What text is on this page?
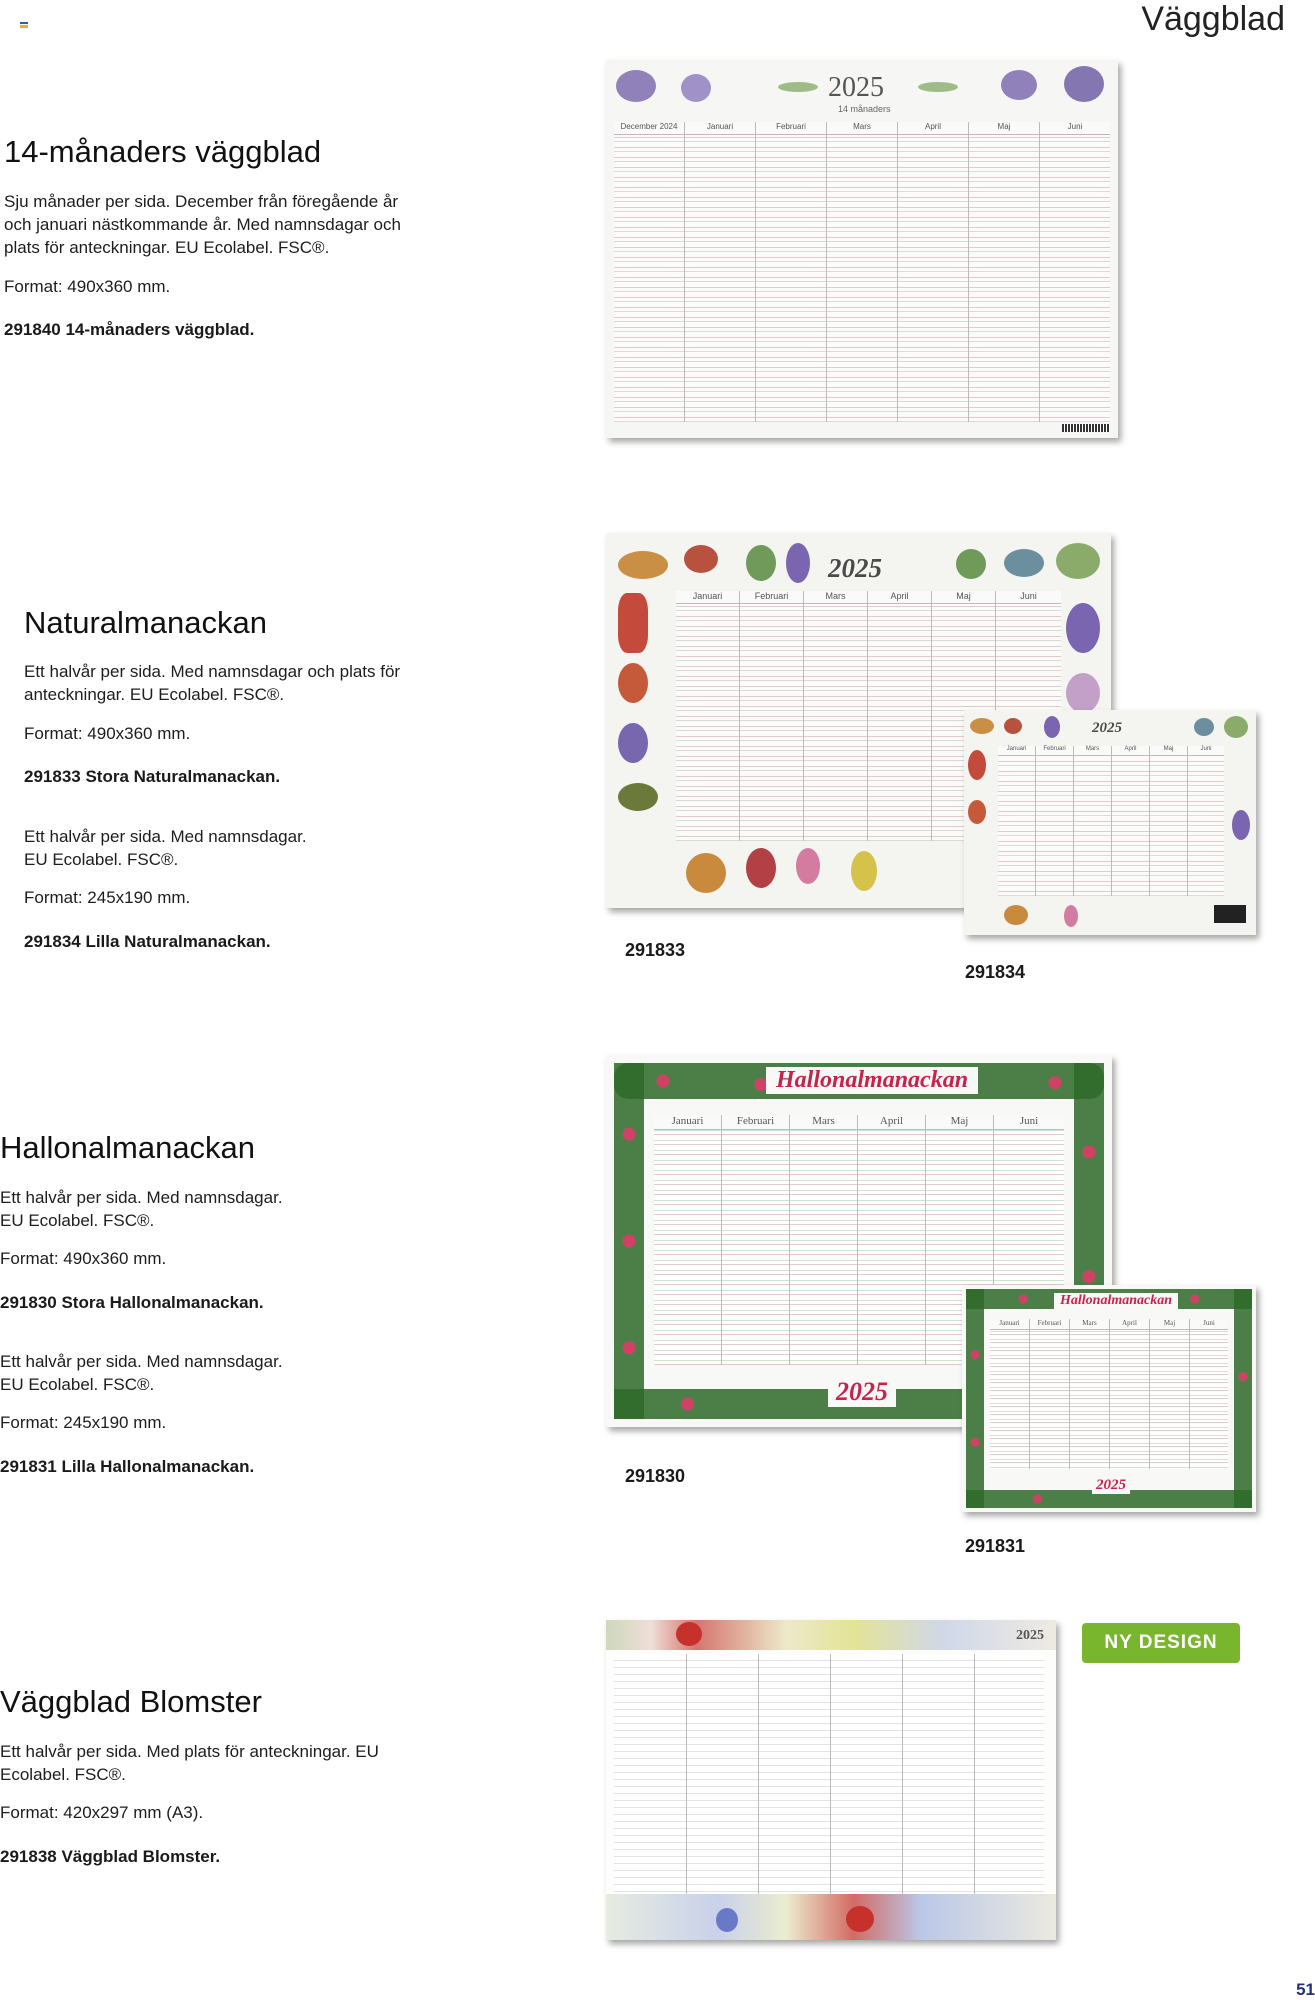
Väggblad
14-månaders väggblad

Sju månader per sida. December från föregående år och januari nästkommande år. Med namnsdagar och plats för anteckningar. EU Ecolabel. FSC®.

Format: 490x360 mm.

291840 14-månaders väggblad.

2025
14 månaders
December 2024	Januari	Februari	Mars	April	Maj	Juni
Naturalmanackan

Ett halvår per sida. Med namnsdagar och plats för anteckningar. EU Ecolabel. FSC®.

Format: 490x360 mm.

291833 Stora Naturalmanackan.

Ett halvår per sida. Med namnsdagar. EU Ecolabel. FSC®.

Format: 245x190 mm.

291834 Lilla Naturalmanackan.

2025
Januari	Februari	Mars	April	Maj	Juni
2025
Januari	Februari	Mars	April	Maj	Juni
291833
291834
Hallonalmanackan

Ett halvår per sida. Med namnsdagar. EU Ecolabel. FSC®.

Format: 490x360 mm.

291830 Stora Hallonalmanackan.

Ett halvår per sida. Med namnsdagar. EU Ecolabel. FSC®.

Format: 245x190 mm.

291831 Lilla Hallonalmanackan.

Hallonalmanackan
Januari	Februari	Mars	April	Maj	Juni
2025
Hallonalmanackan
Januari	Februari	Mars	April	Maj	Juni
2025
291830
291831
Väggblad Blomster

Ett halvår per sida. Med plats för anteckningar. EU Ecolabel. FSC®.

Format: 420x297 mm (A3).

291838 Väggblad Blomster.

NY DESIGN
2025
51
